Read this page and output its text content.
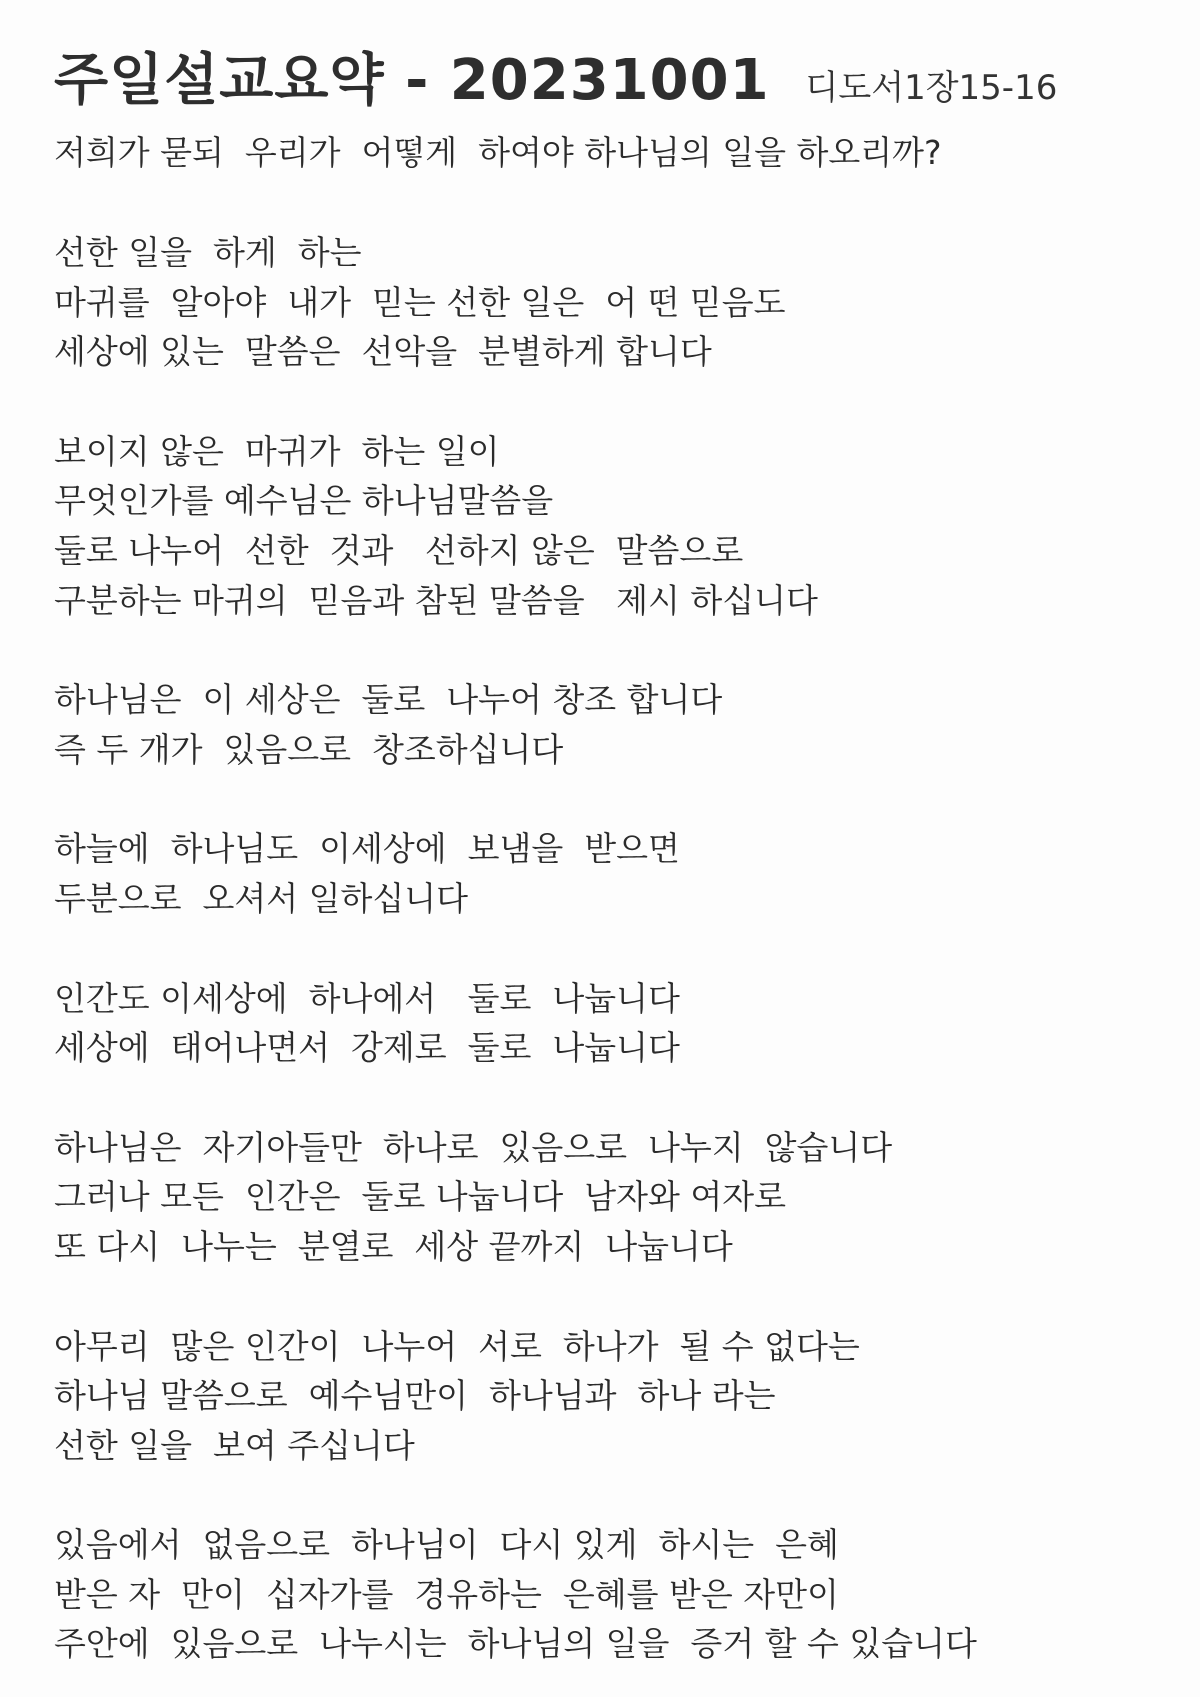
주일설교요약 - 20231001 디도서1장15-16
저희가 묻되  우리가  어떻게  하여야 하나님의 일을 하오리까?
선한 일을  하게  하는
마귀를  알아야  내가  믿는 선한 일은  어 떤 믿음도
세상에 있는  말씀은  선악을  분별하게 합니다
보이지 않은  마귀가  하는 일이
무엇인가를 예수님은 하나님말씀을
둘로 나누어  선한  것과   선하지 않은  말씀으로
구분하는 마귀의  믿음과 참된 말씀을   제시 하십니다
하나님은  이 세상은  둘로  나누어 창조 합니다
즉 두 개가  있음으로  창조하십니다
하늘에  하나님도  이세상에  보냄을  받으면
두분으로  오셔서 일하십니다
인간도 이세상에  하나에서   둘로  나눕니다
세상에  태어나면서  강제로  둘로  나눕니다
하나님은  자기아들만  하나로  있음으로  나누지  않습니다
그러나 모든  인간은  둘로 나눕니다  남자와 여자로
또 다시  나누는  분열로  세상 끝까지  나눕니다
아무리  많은 인간이  나누어  서로  하나가  될 수 없다는
하나님 말씀으로  예수님만이  하나님과  하나 라는
선한 일을  보여 주십니다
있음에서  없음으로  하나님이  다시 있게  하시는  은혜
받은 자  만이  십자가를  경유하는  은혜를 받은 자만이
주안에  있음으로  나누시는  하나님의 일을  증거 할 수 있습니다
